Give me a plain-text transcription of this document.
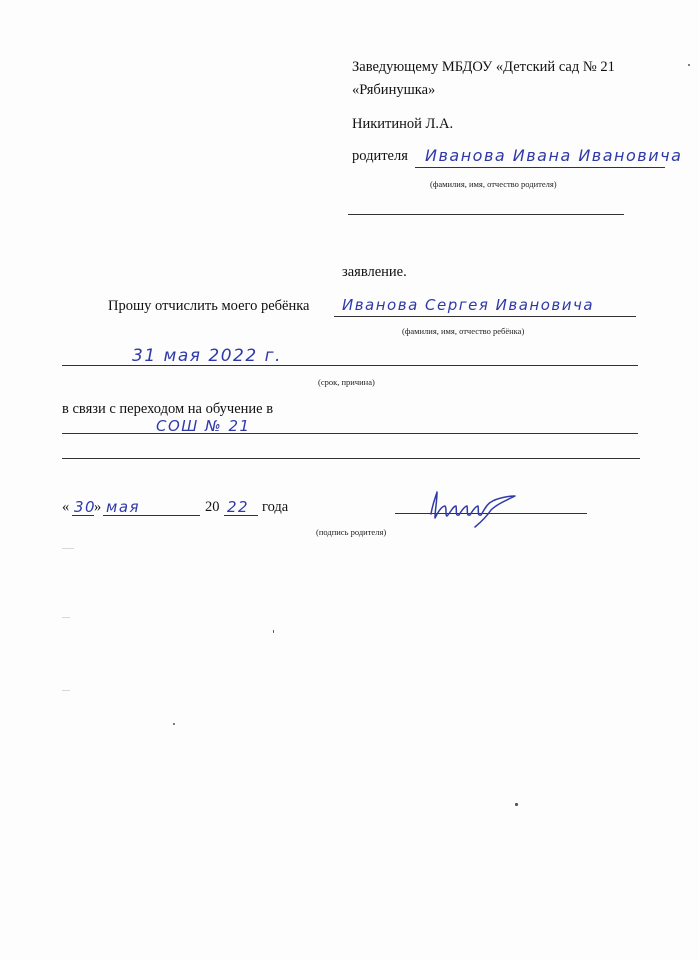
Заведующему МБДОУ «Детский сад № 21
«Рябинушка»
Никитиной Л.А.
родителя Иванова Ивана Ивановича
(фамилия, имя, отчество родителя)
заявление.
Прошу отчислить моего ребёнка Иванова Сергея Ивановича
(фамилия, имя, отчество ребёнка)
31 мая 2022 г.
(срок, причина)
в связи с переходом на обучение в
СОШ № 21
« 30
» мая	20 22 года
(подпись родителя)
